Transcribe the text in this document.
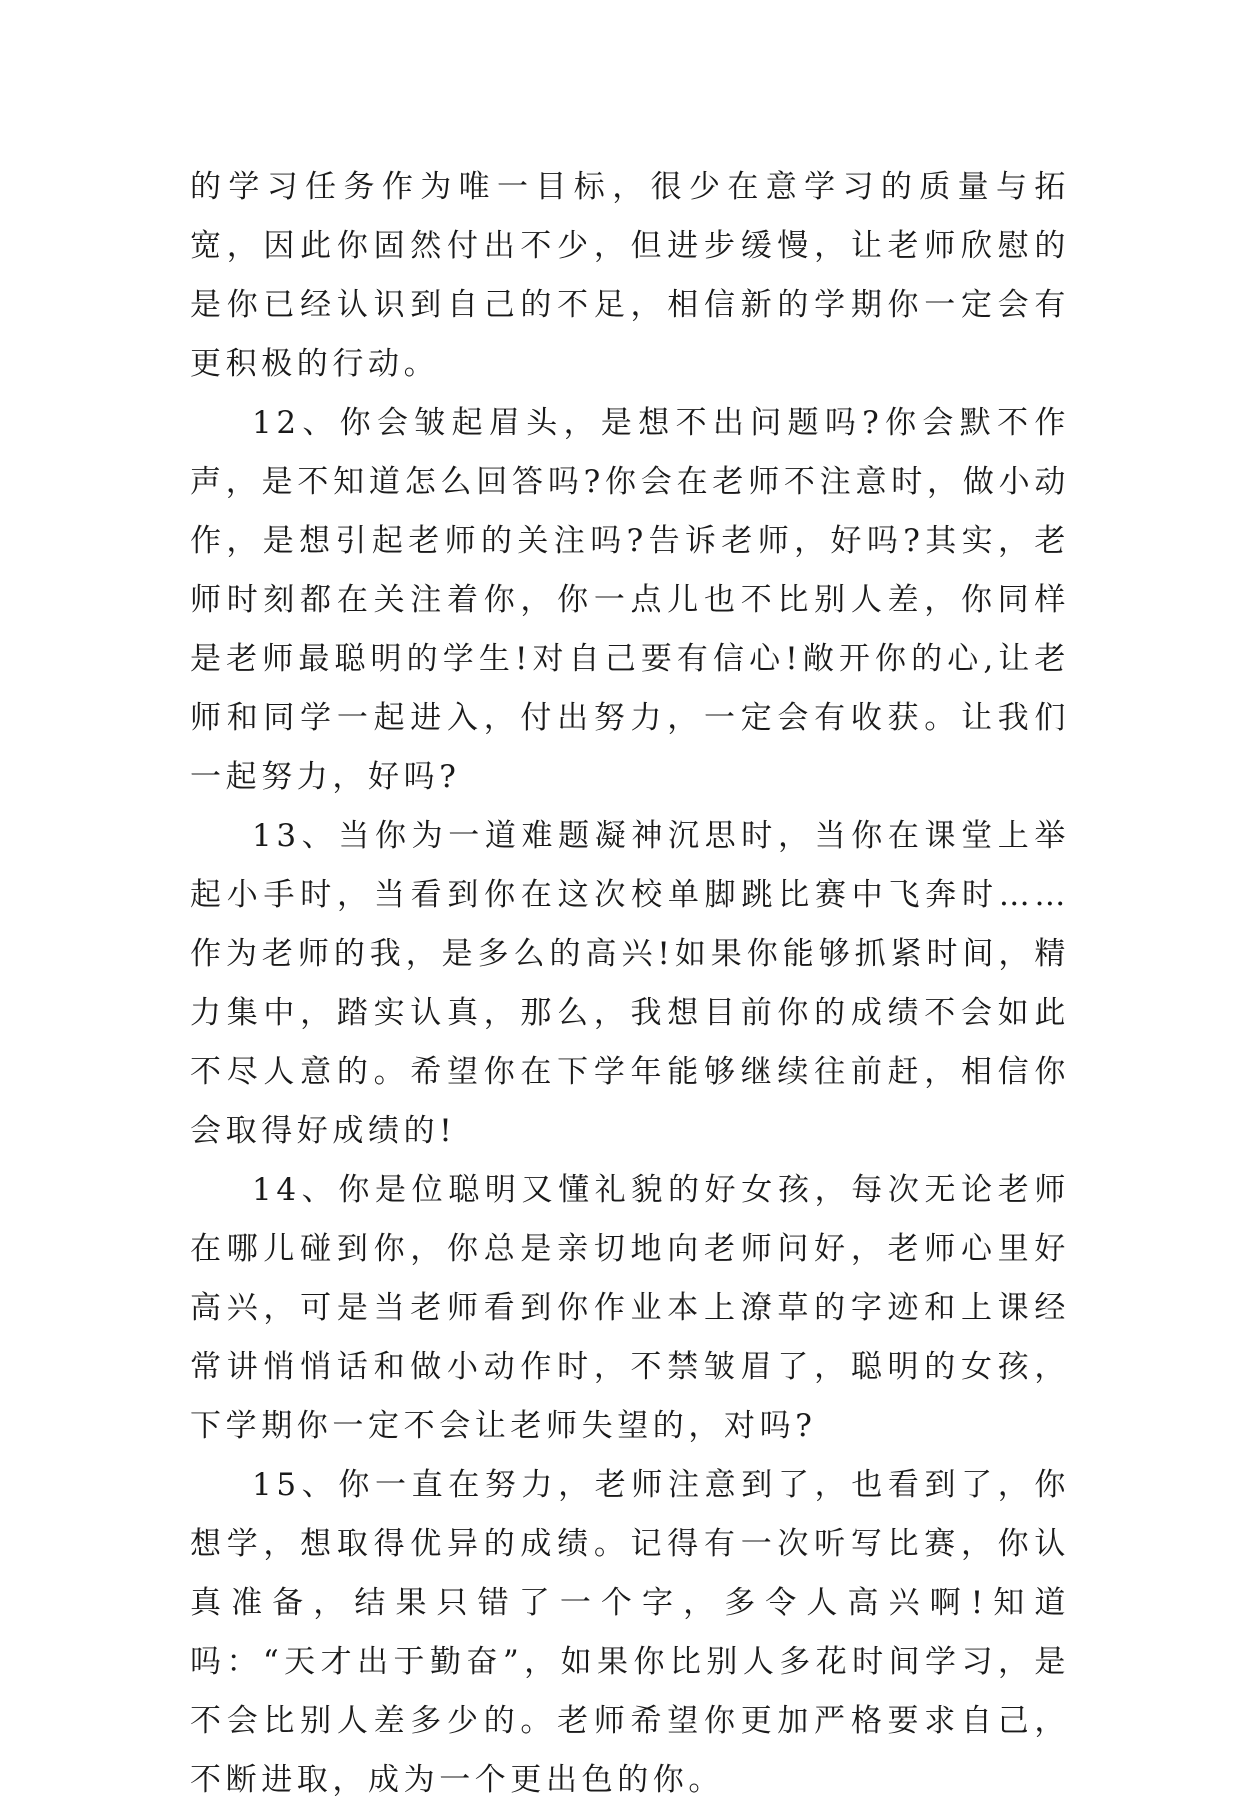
的学习任务作为唯一目标，很少在意学习的质量与拓宽，因此你固然付出不少，但进步缓慢，让老师欣慰的是你已经认识到自己的不足，相信新的学期你一定会有更积极的行动。

12、你会皱起眉头，是想不出问题吗?你会默不作声，是不知道怎么回答吗?你会在老师不注意时，做小动作，是想引起老师的关注吗?告诉老师，好吗?其实，老师时刻都在关注着你，你一点儿也不比别人差，你同样是老师最聪明的学生!对自己要有信心!敞开你的心,让老师和同学一起进入，付出努力，一定会有收获。让我们一起努力，好吗?

13、当你为一道难题凝神沉思时，当你在课堂上举起小手时，当看到你在这次校单脚跳比赛中飞奔时……作为老师的我，是多么的高兴!如果你能够抓紧时间，精力集中，踏实认真，那么，我想目前你的成绩不会如此不尽人意的。希望你在下学年能够继续往前赶，相信你会取得好成绩的!

14、你是位聪明又懂礼貌的好女孩，每次无论老师在哪儿碰到你，你总是亲切地向老师问好，老师心里好高兴，可是当老师看到你作业本上潦草的字迹和上课经常讲悄悄话和做小动作时，不禁皱眉了，聪明的女孩，下学期你一定不会让老师失望的，对吗?

15、你一直在努力，老师注意到了，也看到了，你想学，想取得优异的成绩。记得有一次听写比赛，你认真准备，结果只错了一个字，多令人高兴啊!知道吗：“天才出于勤奋”，如果你比别人多花时间学习，是不会比别人差多少的。老师希望你更加严格要求自己，不断进取，成为一个更出色的你。
